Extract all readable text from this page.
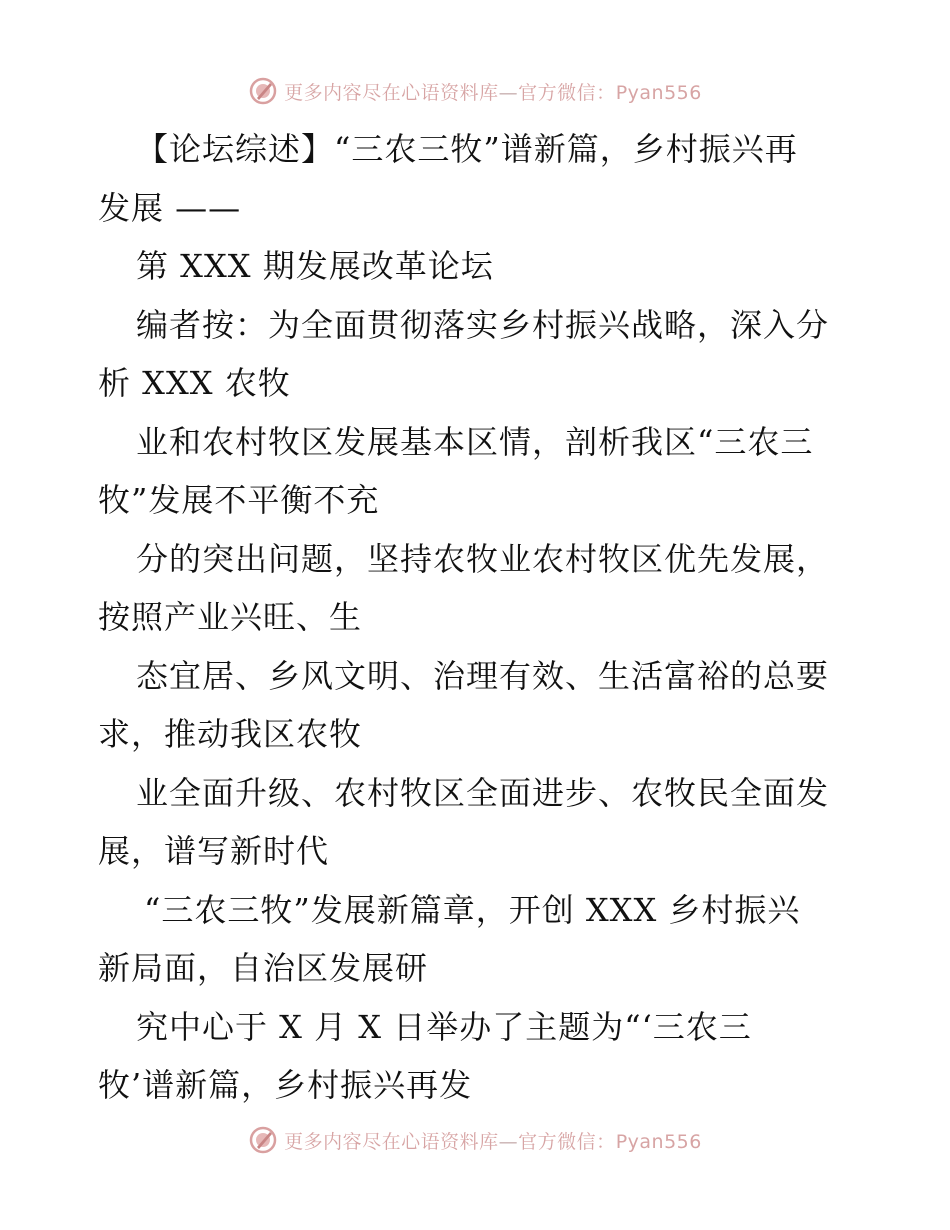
更多内容尽在心语资料库—官方微信：Pyan556
【论坛综述】“三农三牧”谱新篇，乡村振兴再
发展 ——
第 XXX 期发展改革论坛
编者按：为全面贯彻落实乡村振兴战略，深入分
析 XXX 农牧
业和农村牧区发展基本区情，剖析我区“三农三
牧”发展不平衡不充
分的突出问题，坚持农牧业农村牧区优先发展，
按照产业兴旺、生
态宜居、乡风文明、治理有效、生活富裕的总要
求，推动我区农牧
业全面升级、农村牧区全面进步、农牧民全面发
展，谱写新时代
“三农三牧”发展新篇章，开创 XXX 乡村振兴
新局面，自治区发展研
究中心于 X 月 X 日举办了主题为“‘三农三
牧’谱新篇，乡村振兴再发
更多内容尽在心语资料库—官方微信：Pyan556
